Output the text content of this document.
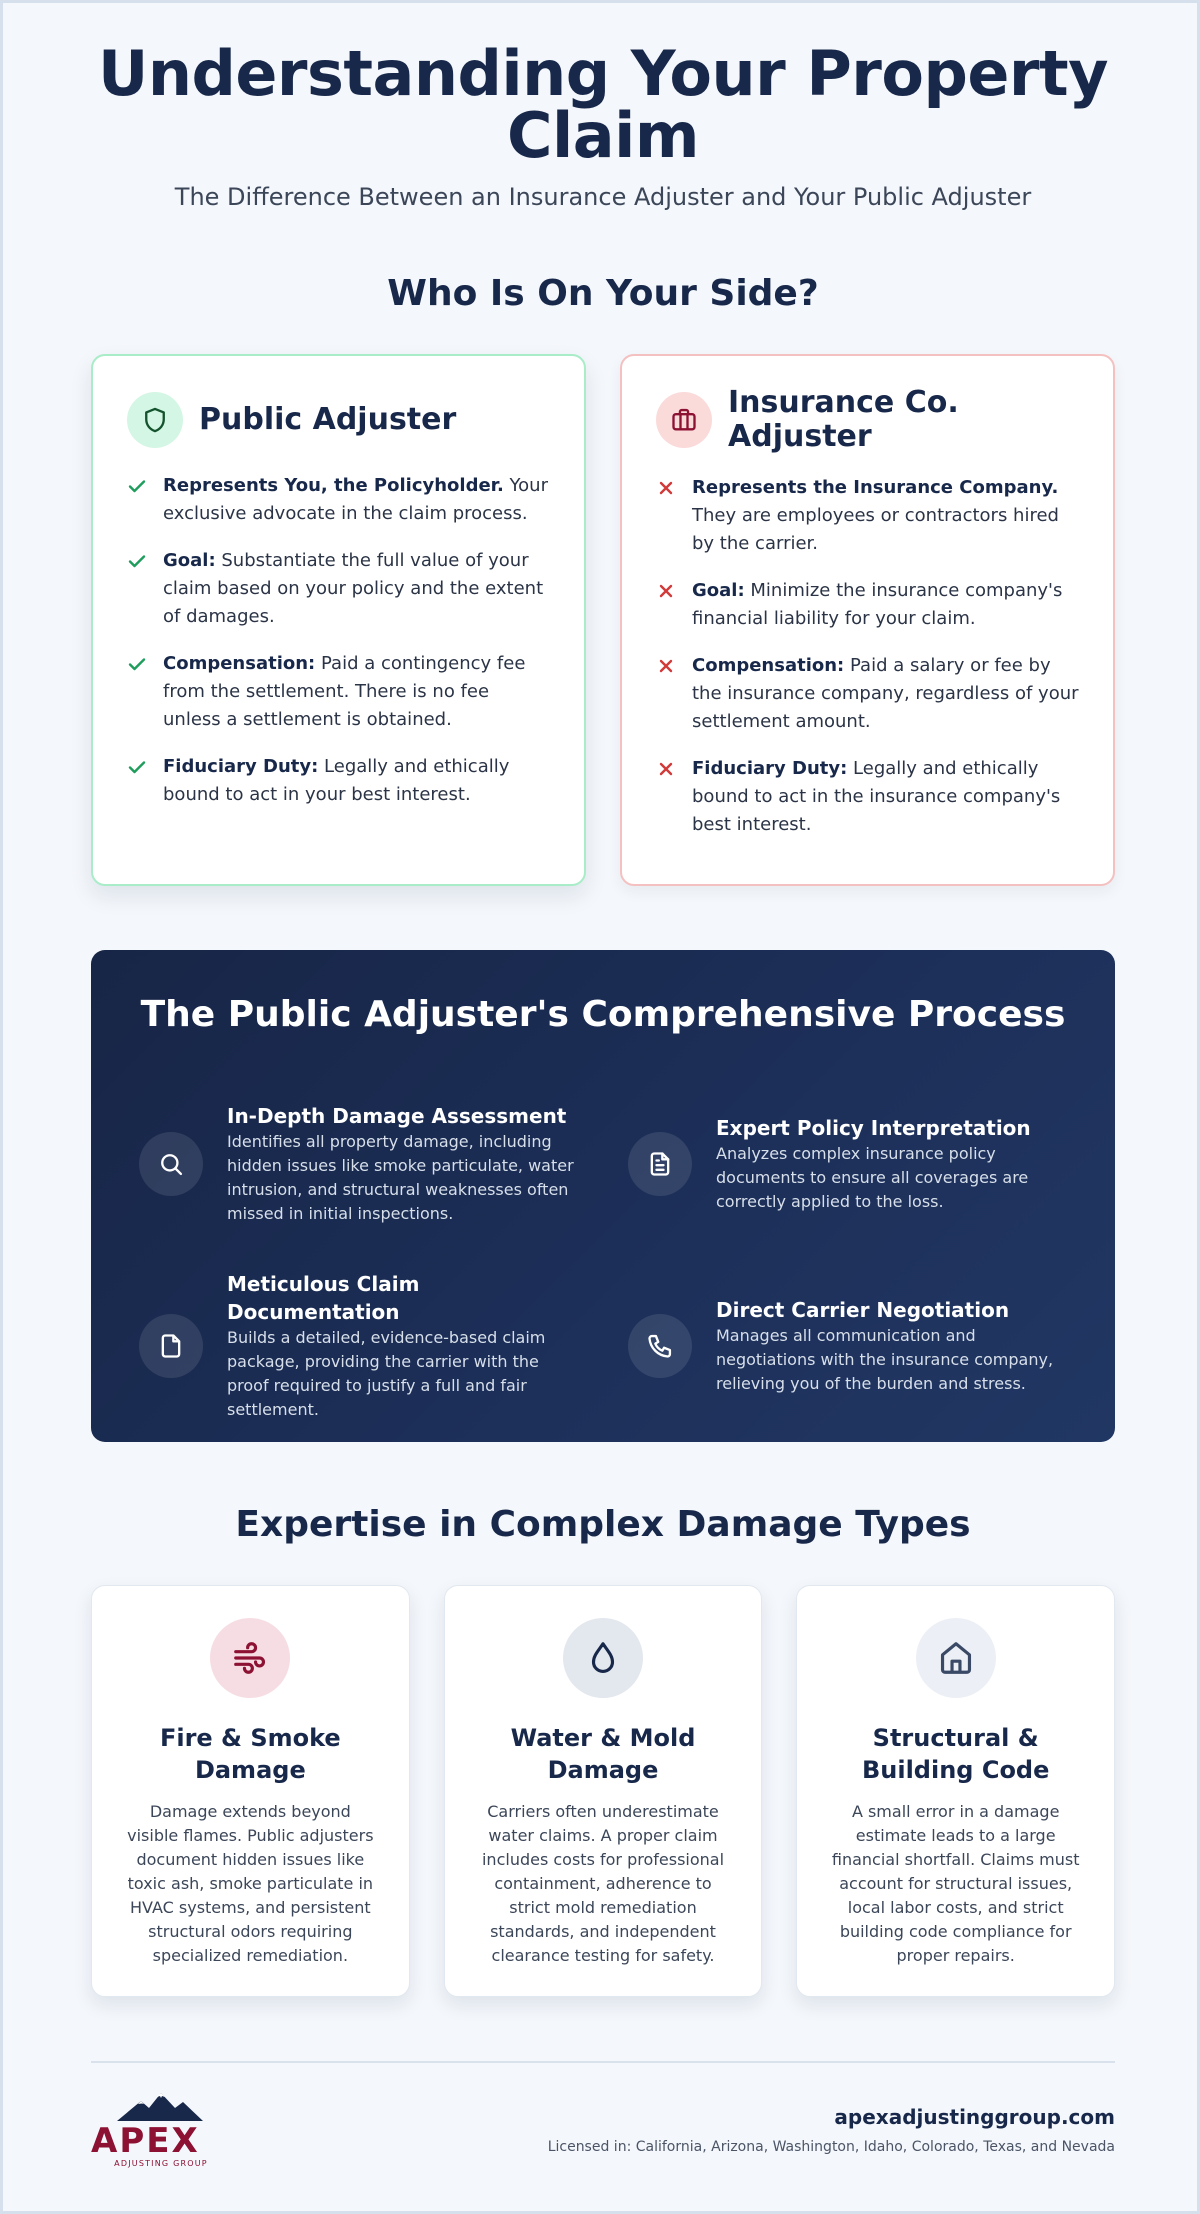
Understanding Your Property Claim

The Difference Between an Insurance Adjuster and Your Public Adjuster

Who Is On Your Side?
Public Adjuster
Represents You, the Policyholder. Your exclusive advocate in the claim process.
Goal: Substantiate the full value of your claim based on your policy and the extent of damages.
Compensation: Paid a contingency fee from the settlement. There is no fee unless a settlement is obtained.
Fiduciary Duty: Legally and ethically bound to act in your best interest.
Insurance Co. Adjuster
Represents the Insurance Company. They are employees or contractors hired by the carrier.
Goal: Minimize the insurance company's financial liability for your claim.
Compensation: Paid a salary or fee by the insurance company, regardless of your settlement amount.
Fiduciary Duty: Legally and ethically bound to act in the insurance company's best interest.
The Public Adjuster's Comprehensive Process
In-Depth Damage Assessment
Identifies all property damage, including hidden issues like smoke particulate, water intrusion, and structural weaknesses often missed in initial inspections.
Expert Policy Interpretation
Analyzes complex insurance policy documents to ensure all coverages are correctly applied to the loss.
Meticulous Claim Documentation
Builds a detailed, evidence-based claim package, providing the carrier with the proof required to justify a full and fair settlement.
Direct Carrier Negotiation
Manages all communication and negotiations with the insurance company, relieving you of the burden and stress.
Expertise in Complex Damage Types
Fire & Smoke Damage
Damage extends beyond visible flames. Public adjusters document hidden issues like toxic ash, smoke particulate in HVAC systems, and persistent structural odors requiring specialized remediation.
Water & Mold Damage
Carriers often underestimate water claims. A proper claim includes costs for professional containment, adherence to strict mold remediation standards, and independent clearance testing for safety.
Structural & Building Code
A small error in a damage estimate leads to a large financial shortfall. Claims must account for structural issues, local labor costs, and strict building code compliance for proper repairs.
APEX
ADJUSTING GROUP
apexadjustinggroup.com
Licensed in: California, Arizona, Washington, Idaho, Colorado, Texas, and Nevada
